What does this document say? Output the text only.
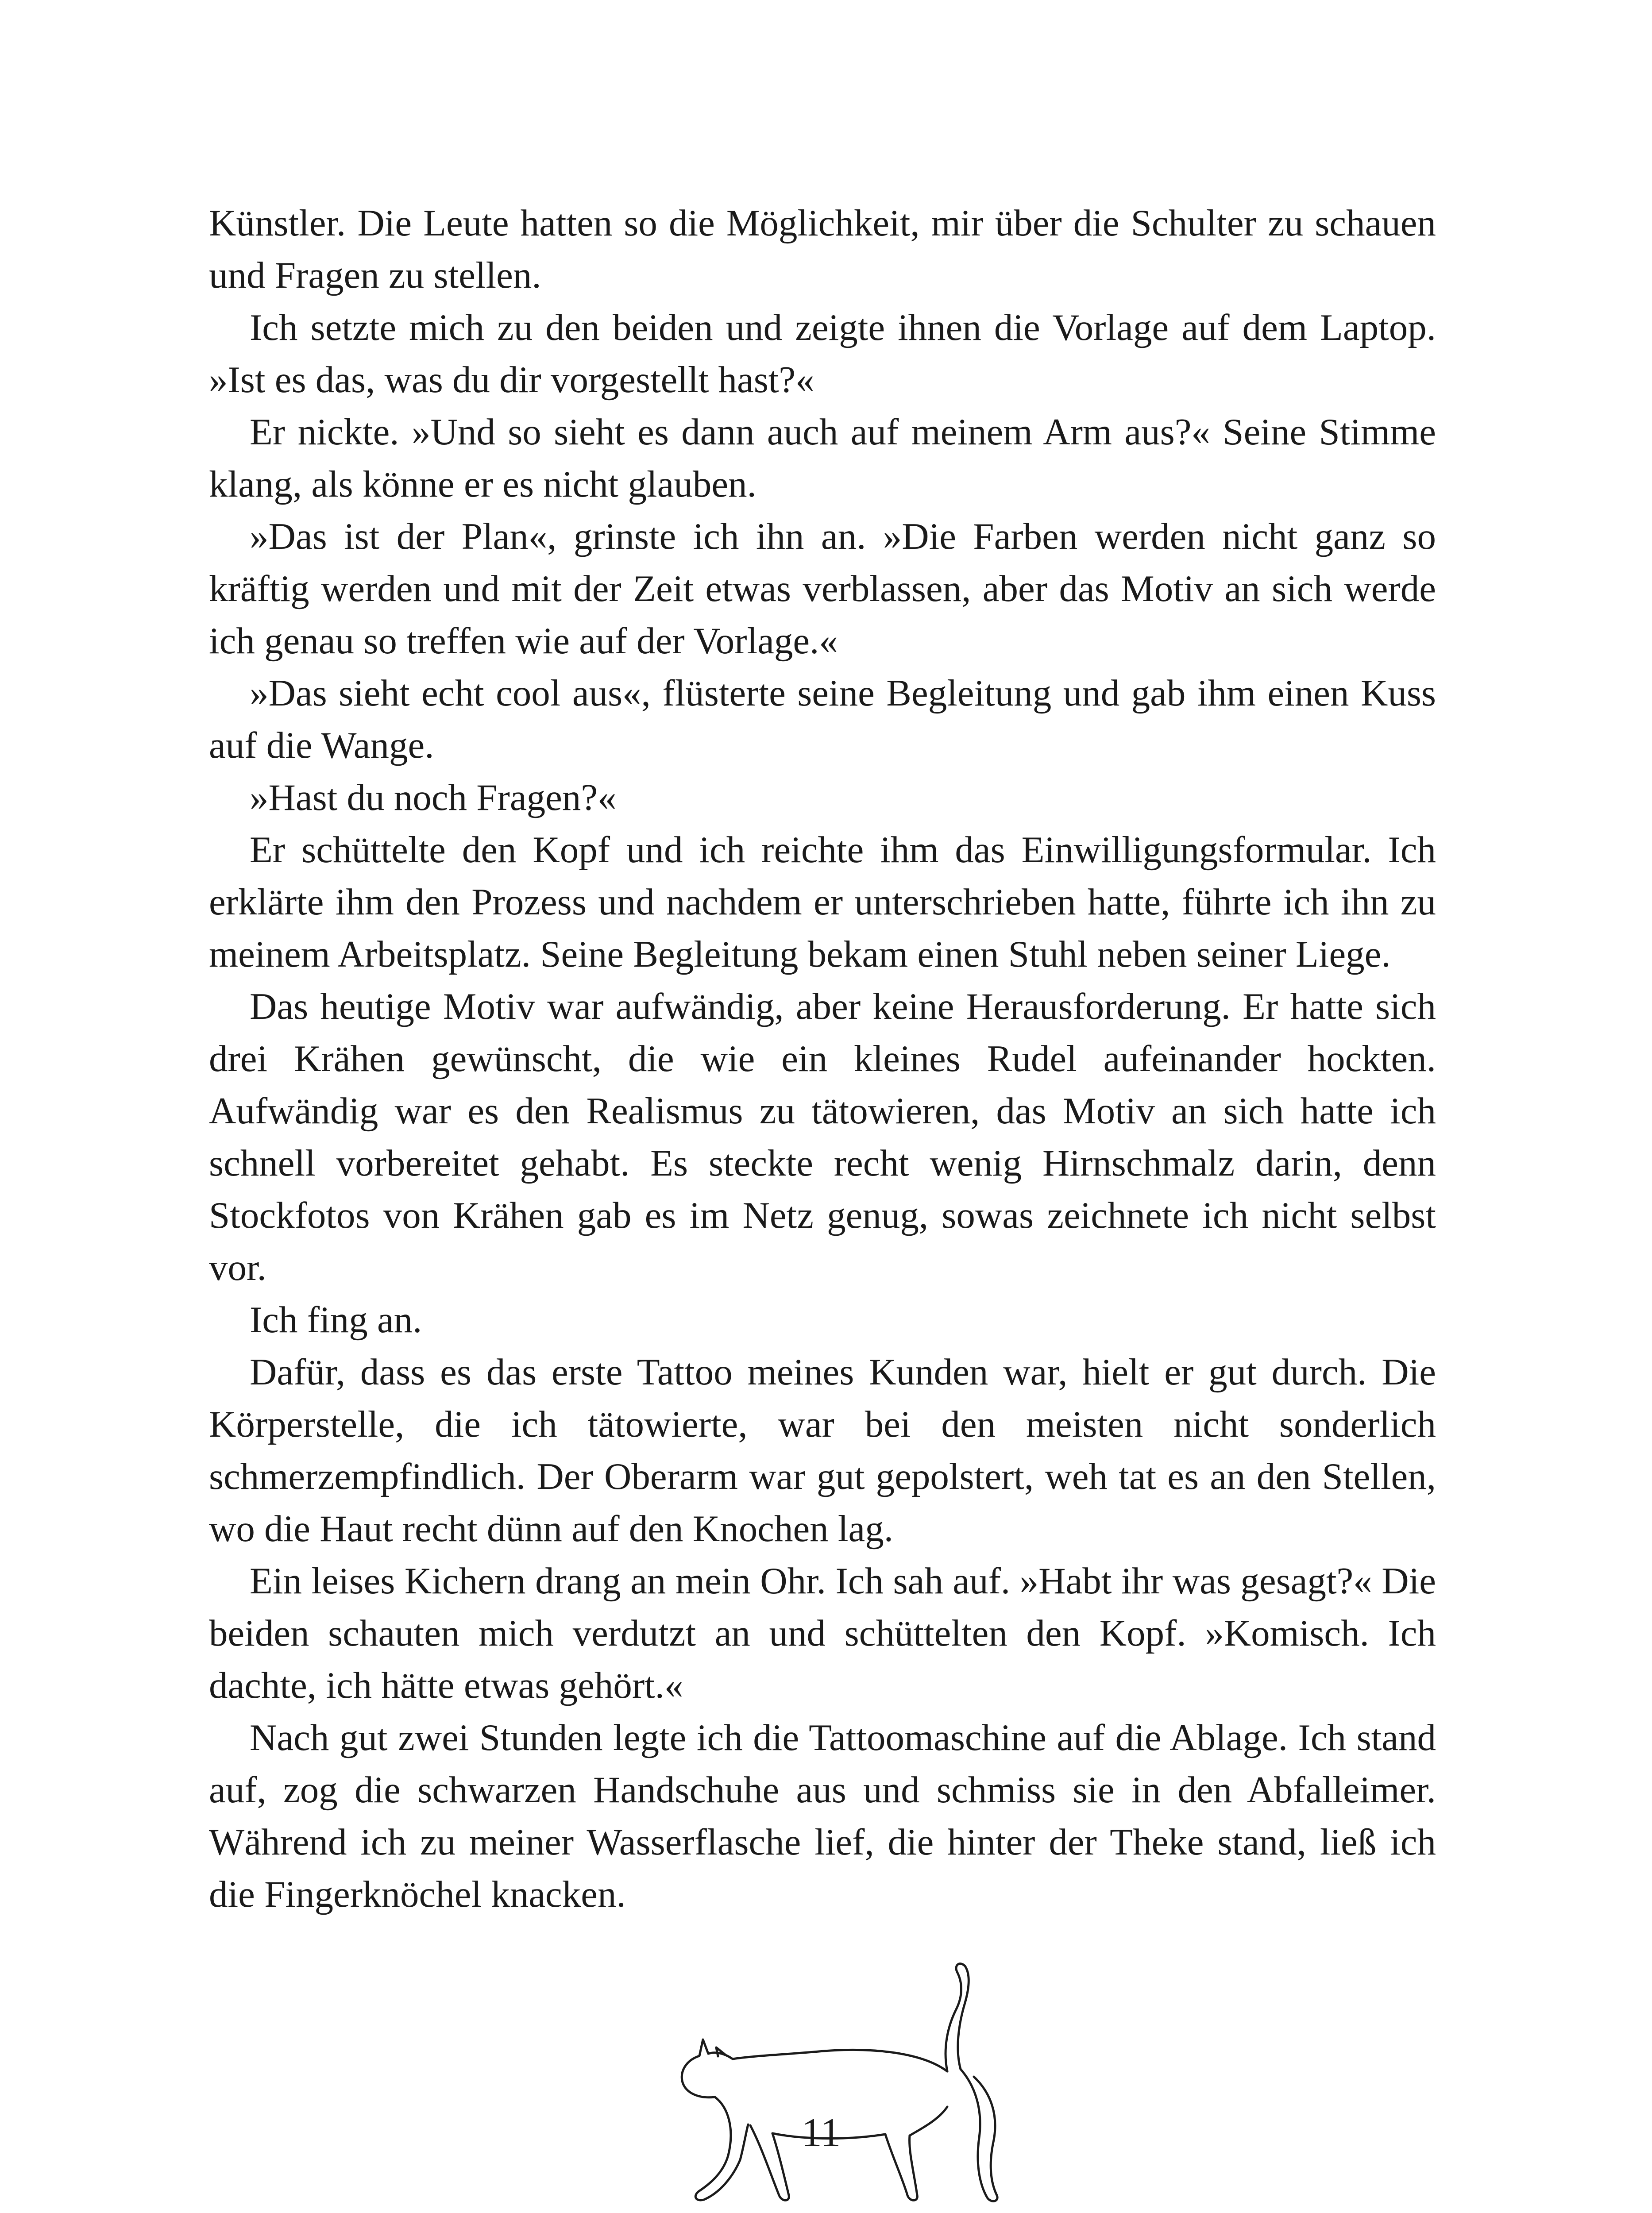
Künstler. Die Leute hatten so die Möglichkeit, mir über die Schulter zu schauen und Fragen zu stellen.

Ich setzte mich zu den beiden und zeigte ihnen die Vorlage auf dem Laptop. »Ist es das, was du dir vorgestellt hast?«

Er nickte. »Und so sieht es dann auch auf meinem Arm aus?« Seine Stimme klang, als könne er es nicht glauben.

»Das ist der Plan«, grinste ich ihn an. »Die Farben werden nicht ganz so kräftig werden und mit der Zeit etwas verblassen, aber das Motiv an sich werde ich genau so treffen wie auf der Vorlage.«

»Das sieht echt cool aus«, flüsterte seine Begleitung und gab ihm einen Kuss auf die Wange.

»Hast du noch Fragen?«

Er schüttelte den Kopf und ich reichte ihm das Einwilligungsformular. Ich erklärte ihm den Prozess und nachdem er unterschrieben hatte, führte ich ihn zu meinem Arbeitsplatz. Seine Begleitung bekam einen Stuhl neben seiner Liege.

Das heutige Motiv war aufwändig, aber keine Herausforderung. Er hatte sich drei Krähen gewünscht, die wie ein kleines Rudel aufeinander hockten. Aufwändig war es den Realismus zu tätowieren, das Motiv an sich hatte ich schnell vorbereitet gehabt. Es steckte recht wenig Hirnschmalz darin, denn Stockfotos von Krähen gab es im Netz genug, sowas zeichnete ich nicht selbst vor.

Ich fing an.

Dafür, dass es das erste Tattoo meines Kunden war, hielt er gut durch. Die Körperstelle, die ich tätowierte, war bei den meisten nicht sonderlich schmerzempfindlich. Der Oberarm war gut gepolstert, weh tat es an den Stellen, wo die Haut recht dünn auf den Knochen lag.

Ein leises Kichern drang an mein Ohr. Ich sah auf. »Habt ihr was gesagt?« Die beiden schauten mich verdutzt an und schüttelten den Kopf. »Komisch. Ich dachte, ich hätte etwas gehört.«

Nach gut zwei Stunden legte ich die Tattoomaschine auf die Ablage. Ich stand auf, zog die schwarzen Handschuhe aus und schmiss sie in den Abfalleimer. Während ich zu meiner Wasserflasche lief, die hinter der Theke stand, ließ ich die Fingerknöchel knacken.

11
